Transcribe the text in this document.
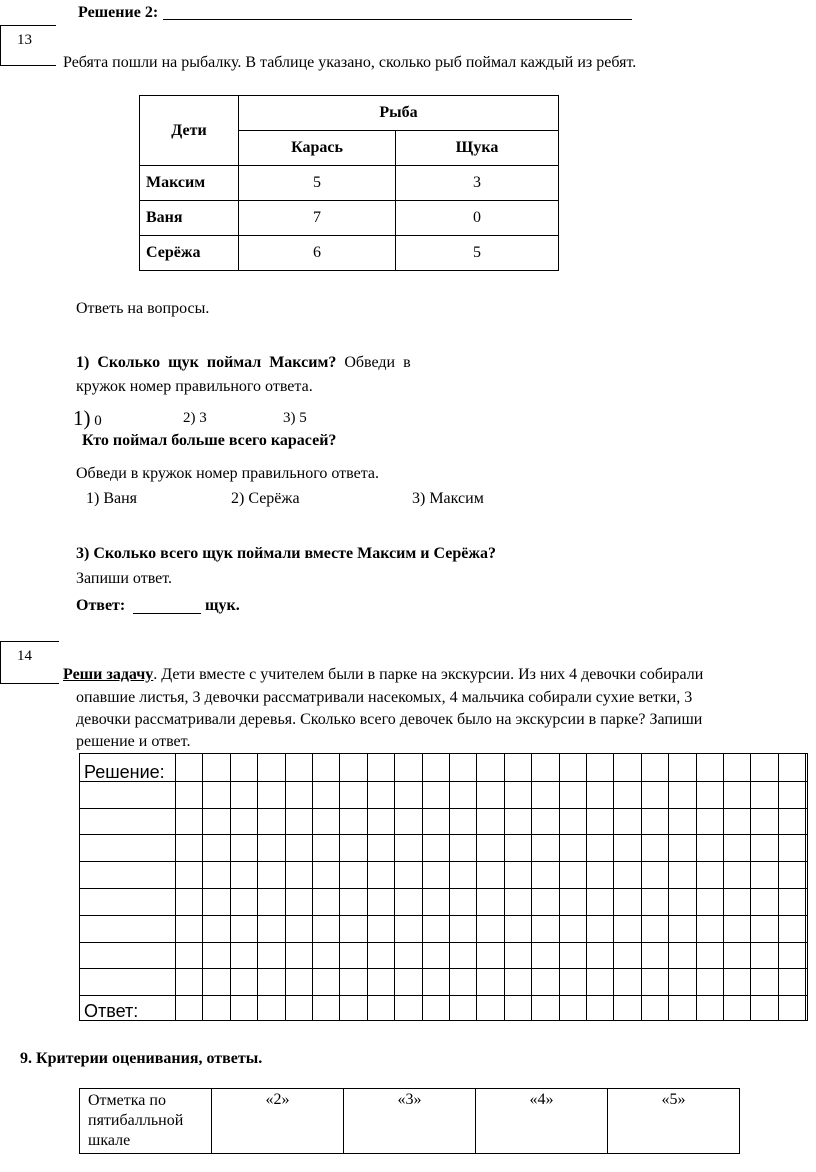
Решение 2:
13
Ребята пошли на рыбалку. В таблице указано, сколько рыб поймал каждый из ребят.
Дети	Р‌ыба	
	Карась	Щука
Максим	5	3
Ваня	7	0
Серёжа	6	5
Ответь на вопросы.
1)  Сколько  щук  поймал  Максим?  Обведи  в
кружок номер правильного ответа.
1) 0	2) 3	3) 5
Кто поймал больше всего карасей?
Обведи в кружок номер правильного ответа.
1) Ваня	2) Серёжа	3) Максим
3) Сколько всего щук поймали вместе Максим и Серёжа?
Запиши ответ.
Ответ:	щук.
14
Реши задачу. Дети вместе с учителем были в парке на экскурсии. Из них 4 девочки собирали
опавшие листья, 3 девочки рассматривали насекомых, 4 мальчика собирали сухие ветки, 3
девочки рассматривали деревья. Сколько всего девочек было на экскурсии в парке? Запиши
решение и ответ.
Решение:
Ответ:
9. Критерии оценивания, ответы.
Отметка по пятибалльной шкале	«2»	«3»	«4»	«5»
